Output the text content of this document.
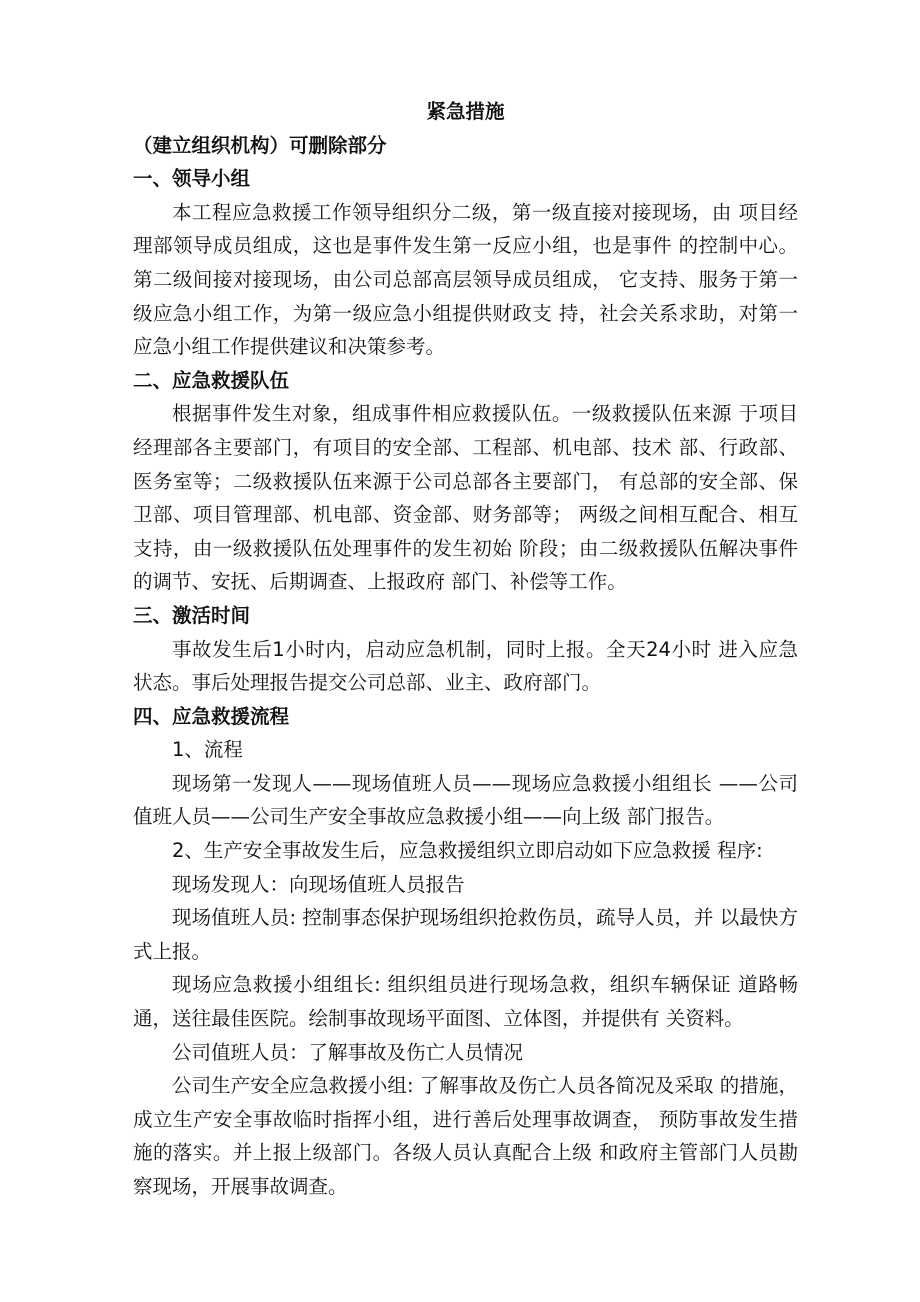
紧急措施

（建立组织机构）可删除部分

一、领导小组

本工程应急救援工作领导组织分二级，第一级直接对接现场，由 项目经理部领导成员组成，这也是事件发生第一反应小组，也是事件 的控制中心。第二级间接对接现场，由公司总部高层领导成员组成， 它支持、服务于第一级应急小组工作，为第一级应急小组提供财政支 持，社会关系求助，对第一应急小组工作提供建议和决策参考。

二、应急救援队伍

根据事件发生对象，组成事件相应救援队伍。一级救援队伍来源 于项目经理部各主要部门，有项目的安全部、工程部、机电部、技术 部、行政部、医务室等；二级救援队伍来源于公司总部各主要部门， 有总部的安全部、保卫部、项目管理部、机电部、资金部、财务部等； 两级之间相互配合、相互支持，由一级救援队伍处理事件的发生初始 阶段；由二级救援队伍解决事件的调节、安抚、后期调查、上报政府 部门、补偿等工作。

三、激活时间

事故发生后1小时内，启动应急机制，同时上报。全天24小时 进入应急状态。事后处理报告提交公司总部、业主、政府部门。

四、应急救援流程

1、流程

现场第一发现人——现场值班人员——现场应急救援小组组长 ——公司值班人员——公司生产安全事故应急救援小组——向上级 部门报告。

2、生产安全事故发生后，应急救援组织立即启动如下应急救援 程序:

现场发现人：向现场值班人员报告

现场值班人员: 控制事态保护现场组织抢救伤员，疏导人员，并 以最快方式上报。

现场应急救援小组组长: 组织组员进行现场急救，组织车辆保证 道路畅通，送往最佳医院。绘制事故现场平面图、立体图，并提供有 关资料。

公司值班人员：了解事故及伤亡人员情况

公司生产安全应急救援小组: 了解事故及伤亡人员各简况及采取 的措施，成立生产安全事故临时指挥小组，进行善后处理事故调查， 预防事故发生措施的落实。并上报上级部门。各级人员认真配合上级 和政府主管部门人员勘察现场，开展事故调查。
